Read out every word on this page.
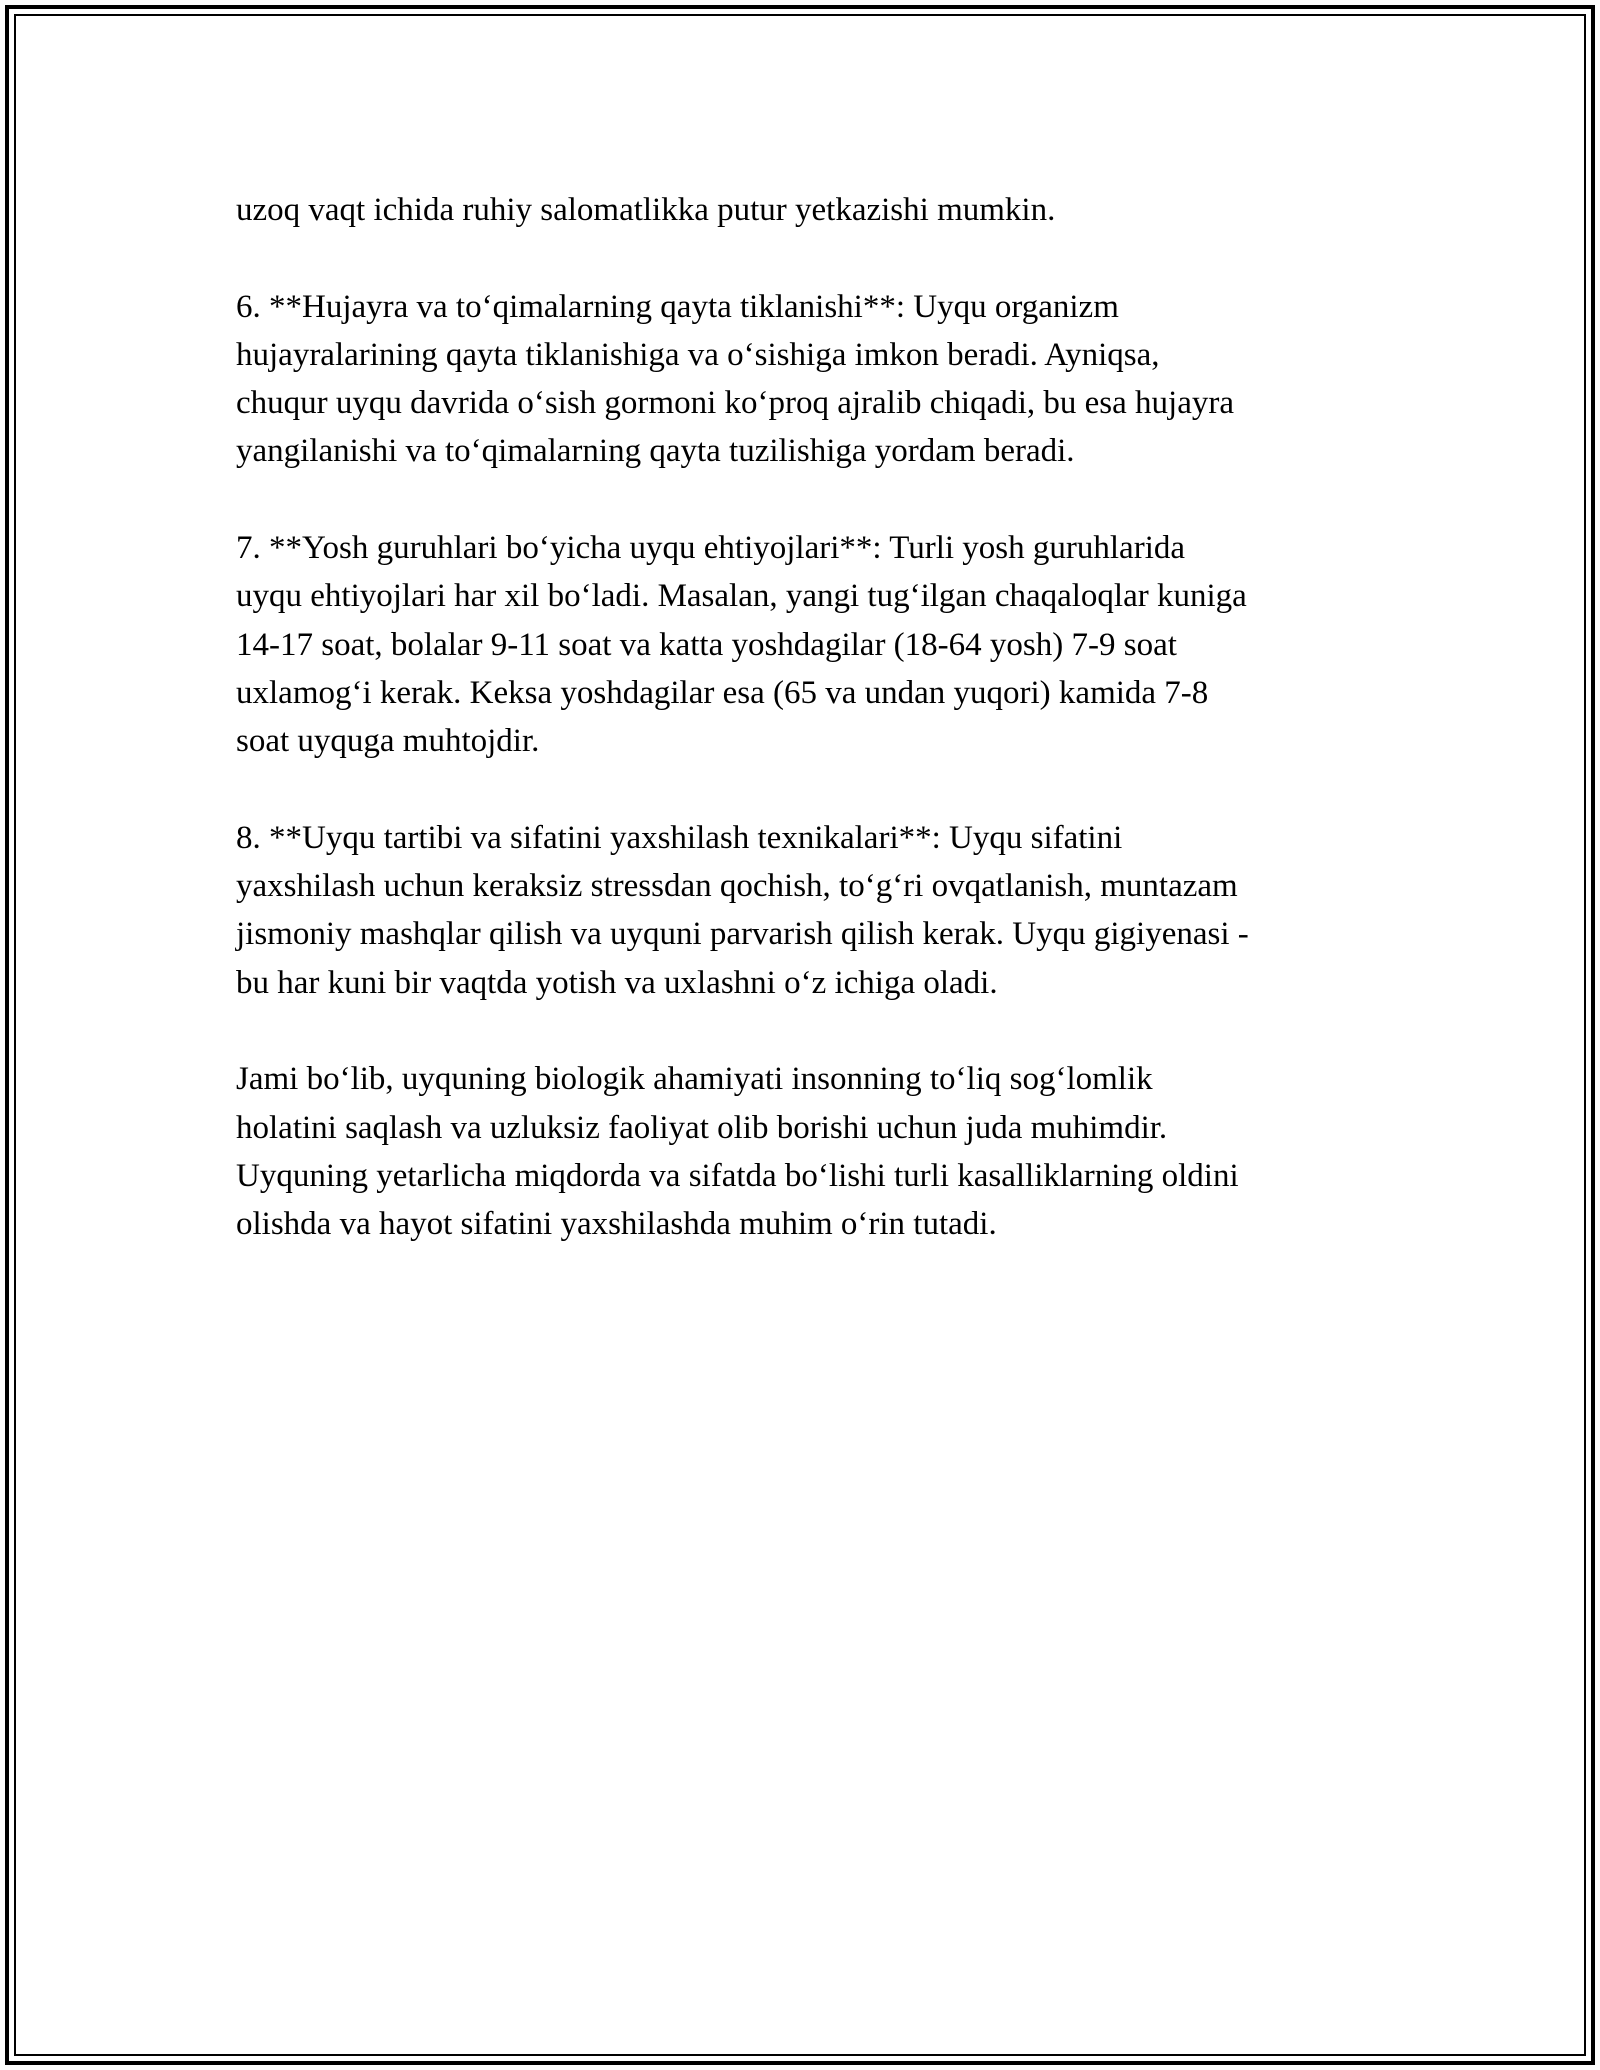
uzoq vaqt ichida ruhiy salomatlikka putur yetkazishi mumkin.

6. **Hujayra va to‘qimalarning qayta tiklanishi**: Uyqu organizm
hujayralarining qayta tiklanishiga va o‘sishiga imkon beradi. Ayniqsa,
chuqur uyqu davrida o‘sish gormoni ko‘proq ajralib chiqadi, bu esa hujayra
yangilanishi va to‘qimalarning qayta tuzilishiga yordam beradi.

7. **Yosh guruhlari bo‘yicha uyqu ehtiyojlari**: Turli yosh guruhlarida
uyqu ehtiyojlari har xil bo‘ladi. Masalan, yangi tug‘ilgan chaqaloqlar kuniga
14-17 soat, bolalar 9-11 soat va katta yoshdagilar (18-64 yosh) 7-9 soat
uxlamog‘i kerak. Keksa yoshdagilar esa (65 va undan yuqori) kamida 7-8
soat uyquga muhtojdir.

8. **Uyqu tartibi va sifatini yaxshilash texnikalari**: Uyqu sifatini
yaxshilash uchun keraksiz stressdan qochish, to‘g‘ri ovqatlanish, muntazam
jismoniy mashqlar qilish va uyquni parvarish qilish kerak. Uyqu gigiyenasi -
bu har kuni bir vaqtda yotish va uxlashni o‘z ichiga oladi.

Jami bo‘lib, uyquning biologik ahamiyati insonning to‘liq sog‘lomlik
holatini saqlash va uzluksiz faoliyat olib borishi uchun juda muhimdir.
Uyquning yetarlicha miqdorda va sifatda bo‘lishi turli kasalliklarning oldini
olishda va hayot sifatini yaxshilashda muhim o‘rin tutadi.
